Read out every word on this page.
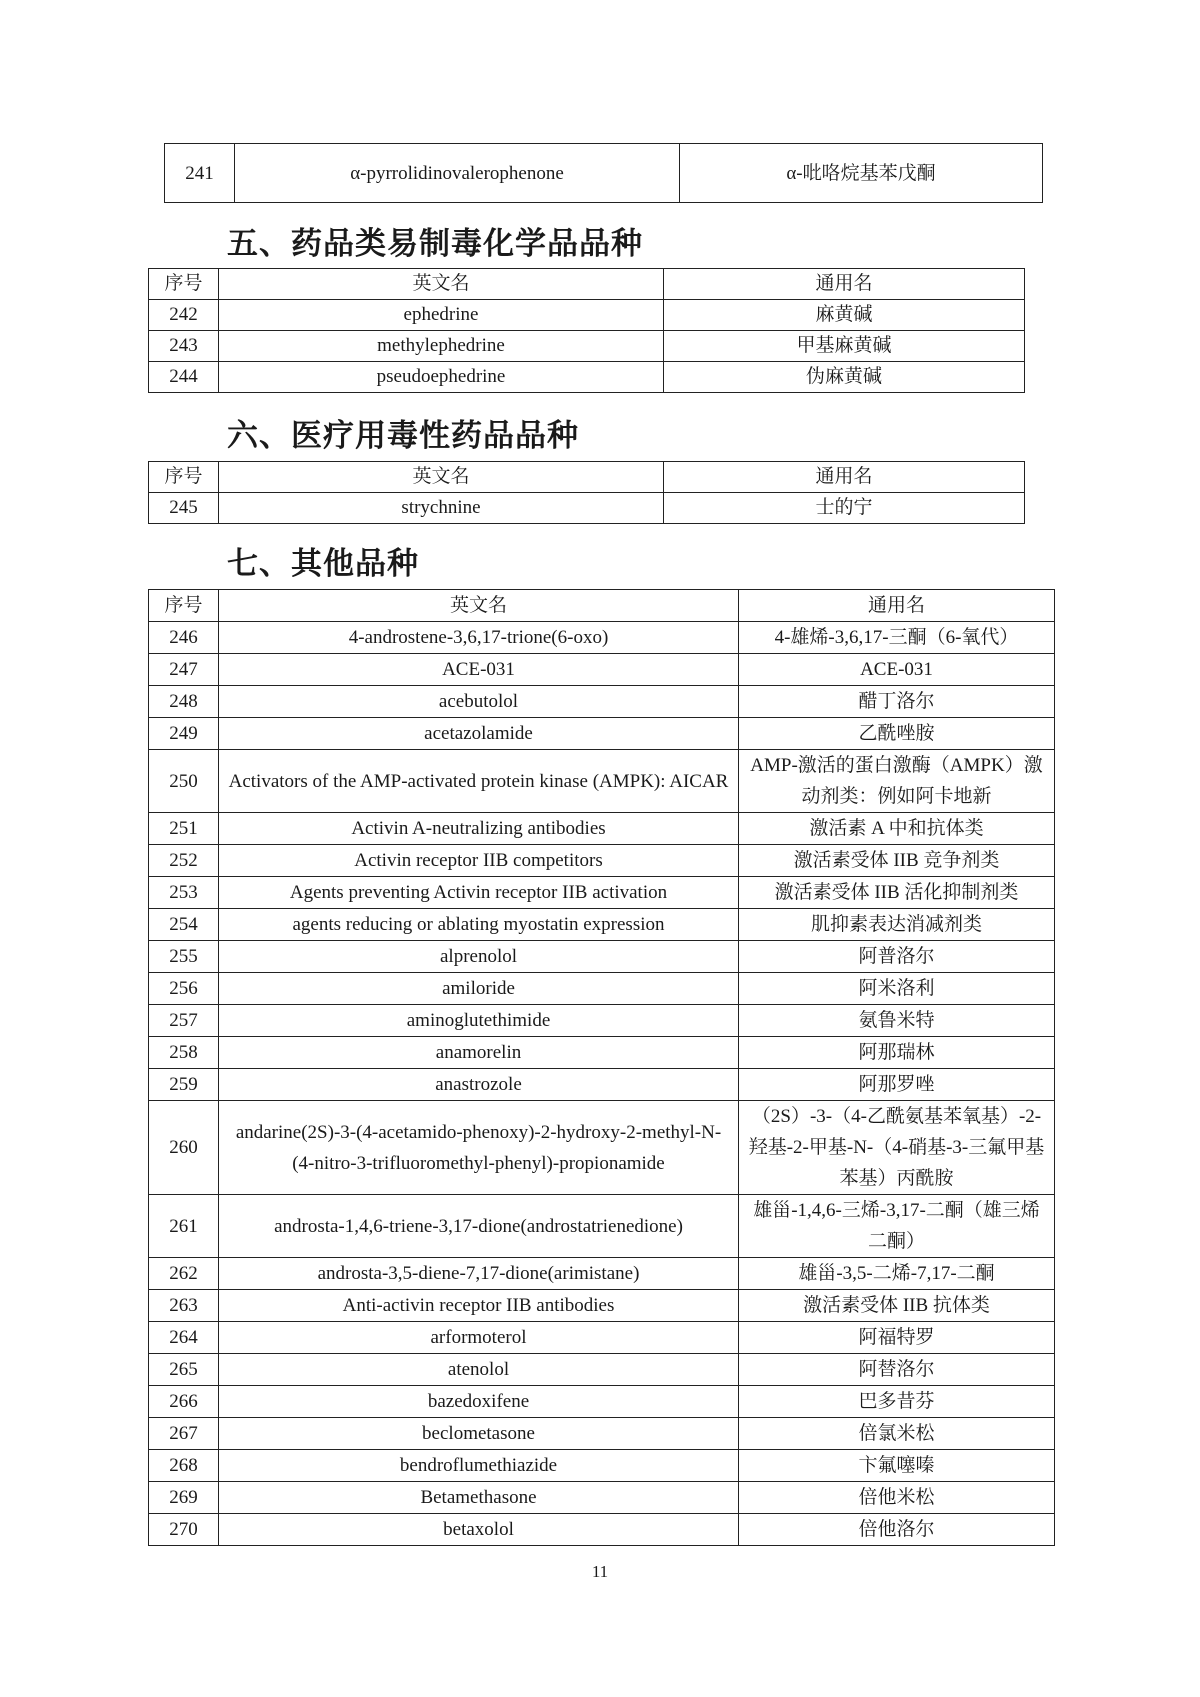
241	α-pyrrolidinovalerophenone	α-吡咯烷基苯戊酮
五、药品类易制毒化学品品种
序号	英文名	通用名
242	ephedrine	麻黄碱
243	methylephedrine	甲基麻黄碱
244	pseudoephedrine	伪麻黄碱
六、医疗用毒性药品品种
序号	英文名	通用名
245	strychnine	士的宁
七、其他品种
序号	英文名	通用名
246	4-androstene-3,6,17-trione(6-oxo)	4-雄烯-3,6,17-三酮（6-氧代）
247	ACE-031	ACE-031
248	acebutolol	醋丁洛尔
249	acetazolamide	乙酰唑胺
250	Activators of the AMP-activated protein kinase (AMPK): AICAR	AMP-激活的蛋白激酶（AMPK）激动剂类：例如阿卡地新
251	Activin A-neutralizing antibodies	激活素 A 中和抗体类
252	Activin receptor IIB competitors	激活素受体 IIB 竞争剂类
253	Agents preventing Activin receptor IIB activation	激活素受体 IIB 活化抑制剂类
254	agents reducing or ablating myostatin expression	肌抑素表达消减剂类
255	alprenolol	阿普洛尔
256	amiloride	阿米洛利
257	aminoglutethimide	氨鲁米特
258	anamorelin	阿那瑞林
259	anastrozole	阿那罗唑
260	andarine(2S)-3-(4-acetamido-phenoxy)-2-hydroxy-2-methyl-N-(4-nitro-3-trifluoromethyl-phenyl)-propionamide	（2S）-3-（4-乙酰氨基苯氧基）-2-羟基-2-甲基-N-（4-硝基-3-三氟甲基苯基）丙酰胺
261	androsta-1,4,6-triene-3,17-dione(androstatrienedione)	雄甾-1,4,6-三烯-3,17-二酮（雄三烯二酮）
262	androsta-3,5-diene-7,17-dione(arimistane)	雄甾-3,5-二烯-7,17-二酮
263	Anti-activin receptor IIB antibodies	激活素受体 IIB 抗体类
264	arformoterol	阿福特罗
265	atenolol	阿替洛尔
266	bazedoxifene	巴多昔芬
267	beclometasone	倍氯米松
268	bendroflumethiazide	卞氟噻嗪
269	Betamethasone	倍他米松
270	betaxolol	倍他洛尔
11
